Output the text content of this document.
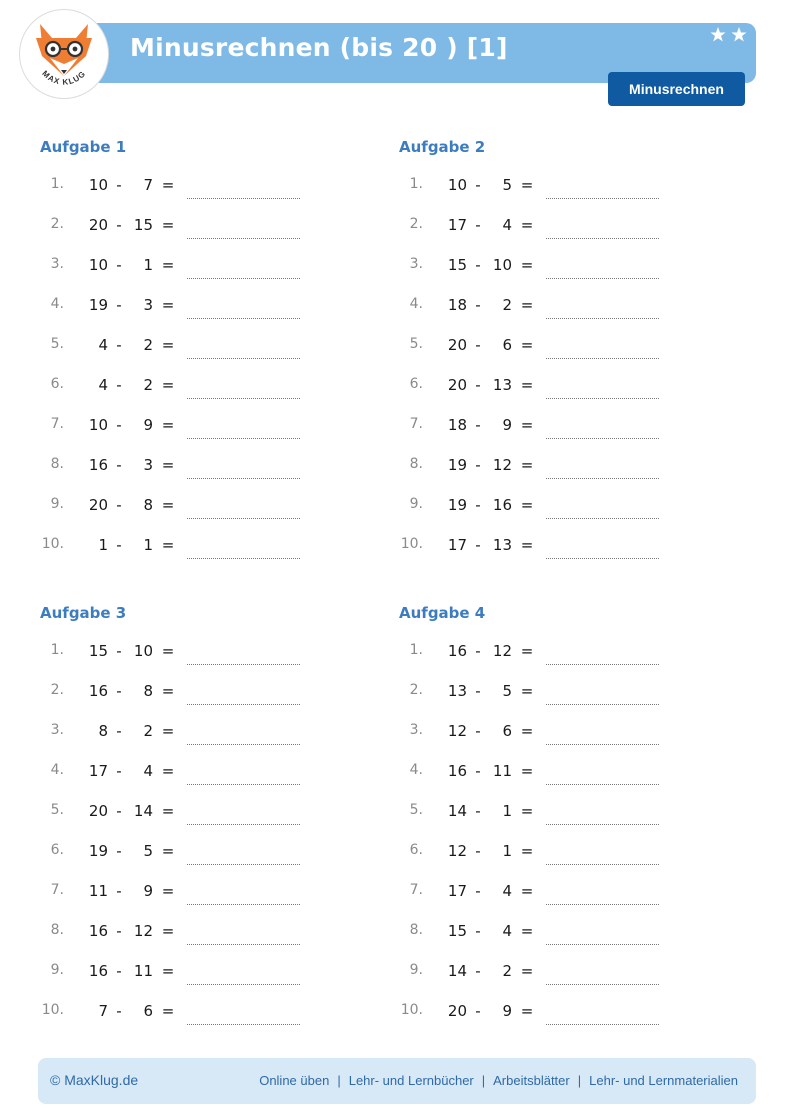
Minusrechnen (bis 20 ) [1]
MAX KLUG
Minusrechnen
Aufgabe 1
1.	10 -	7 =
2.	20 - 15 =
3.	10 -	1 =
4.	19 -	3 =
5.	4 -	2 =
6.	4 -	2 =
7.	10 -	9 =
8.	16 -	3 =
9.	20 -	8 =
10.	1 -	1 =
Aufgabe 2
1.	10 -	5 =
2.	17 -	4 =
3.	15 - 10 =
4.	18 -	2 =
5.	20 -	6 =
6.	20 - 13 =
7.	18 -	9 =
8.	19 - 12 =
9.	19 - 16 =
10.	17 - 13 =
Aufgabe 3
1.	15 - 10 =
2.	16 -	8 =
3.	8 -	2 =
4.	17 -	4 =
5.	20 - 14 =
6.	19 -	5 =
7.	11 -	9 =
8.	16 - 12 =
9.	16 - 11 =
10.	7 -	6 =
Aufgabe 4
1.	16 - 12 =
2.	13 -	5 =
3.	12 -	6 =
4.	16 - 11 =
5.	14 -	1 =
6.	12 -	1 =
7.	17 -	4 =
8.	15 -	4 =
9.	14 -	2 =
10.	20 -	9 =
© MaxKlug.de	Online üben | Lehr- und Lernbücher | Arbeitsblätter | Lehr- und Lernmaterialien
